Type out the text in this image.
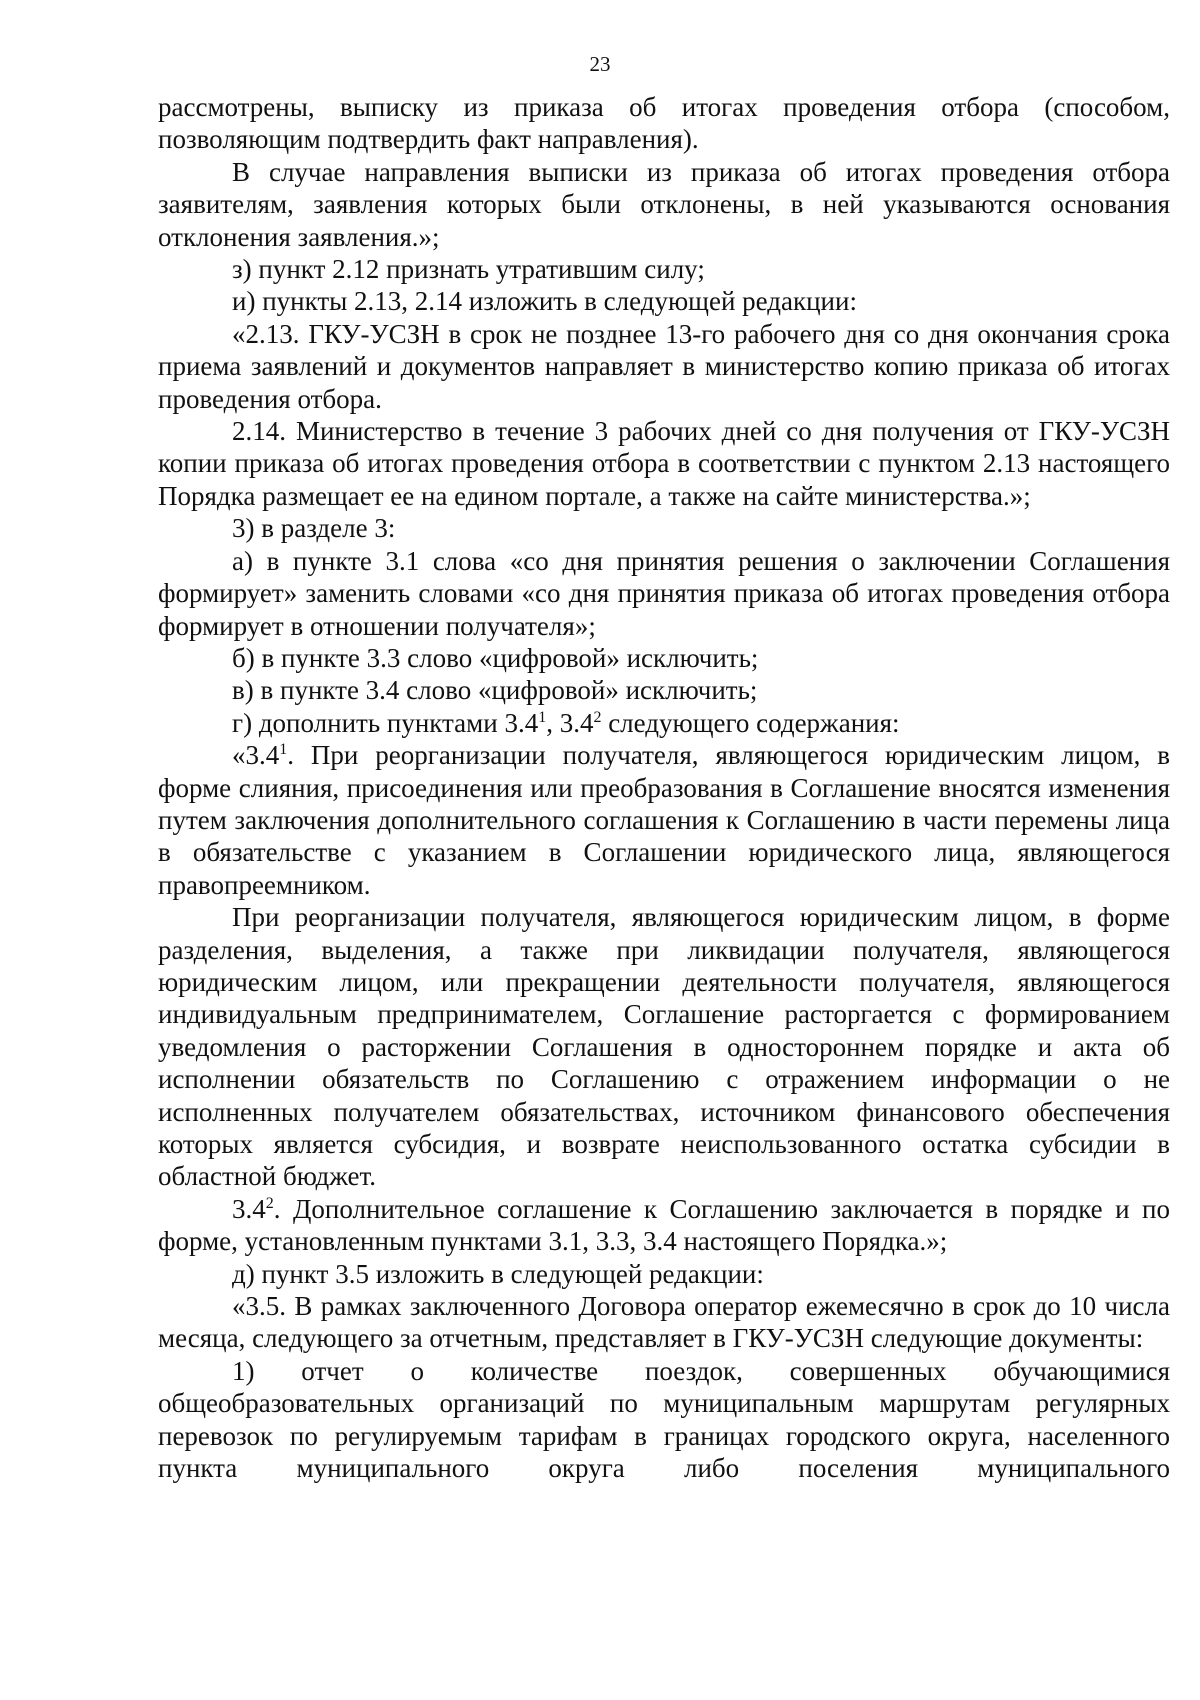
23

рассмотрены, выписку из приказа об итогах проведения отбора (способом, позволяющим подтвердить факт направления).

В случае направления выписки из приказа об итогах проведения отбора заявителям, заявления которых были отклонены, в ней указываются основания отклонения заявления.»;

з) пункт 2.12 признать утратившим силу;

и) пункты 2.13, 2.14 изложить в следующей редакции:

«2.13. ГКУ-УСЗН в срок не позднее 13-го рабочего дня со дня окончания срока приема заявлений и документов направляет в министерство копию приказа об итогах проведения отбора.

2.14. Министерство в течение 3 рабочих дней со дня получения от ГКУ-УСЗН копии приказа об итогах проведения отбора в соответствии с пунктом 2.13 настоящего Порядка размещает ее на едином портале, а также на сайте министерства.»;

3) в разделе 3:

а) в пункте 3.1 слова «со дня принятия решения о заключении Соглашения формирует» заменить словами «со дня принятия приказа об итогах проведения отбора формирует в отношении получателя»;

б) в пункте 3.3 слово «цифровой» исключить;

в) в пункте 3.4 слово «цифровой» исключить;

г) дополнить пунктами $3.4^1$, $3.4^2$ следующего содержания:

«$3.4^1$. При реорганизации получателя, являющегося юридическим лицом, в форме слияния, присоединения или преобразования в Соглашение вносятся изменения путем заключения дополнительного соглашения к Соглашению в части перемены лица в обязательстве с указанием в Соглашении юридического лица, являющегося правопреемником.

При реорганизации получателя, являющегося юридическим лицом, в форме разделения, выделения, а также при ликвидации получателя, являющегося юридическим лицом, или прекращении деятельности получателя, являющегося индивидуальным предпринимателем, Соглашение расторгается с формированием уведомления о расторжении Соглашения в одностороннем порядке и акта об исполнении обязательств по Соглашению с отражением информации о не исполненных получателем обязательствах, источником финансового обеспечения которых является субсидия, и возврате неиспользованного остатка субсидии в областной бюджет.

$3.4^2$. Дополнительное соглашение к Соглашению заключается в порядке и по форме, установленным пунктами 3.1, 3.3, 3.4 настоящего Порядка.»;

д) пункт 3.5 изложить в следующей редакции:

«3.5. В рамках заключенного Договора оператор ежемесячно в срок до 10 числа месяца, следующего за отчетным, представляет в ГКУ-УСЗН следующие документы:

1) отчет о количестве поездок, совершенных обучающимися общеобразовательных организаций по муниципальным маршрутам регулярных перевозок по регулируемым тарифам в границах городского округа, населенного пункта муниципального округа либо поселения муниципального
